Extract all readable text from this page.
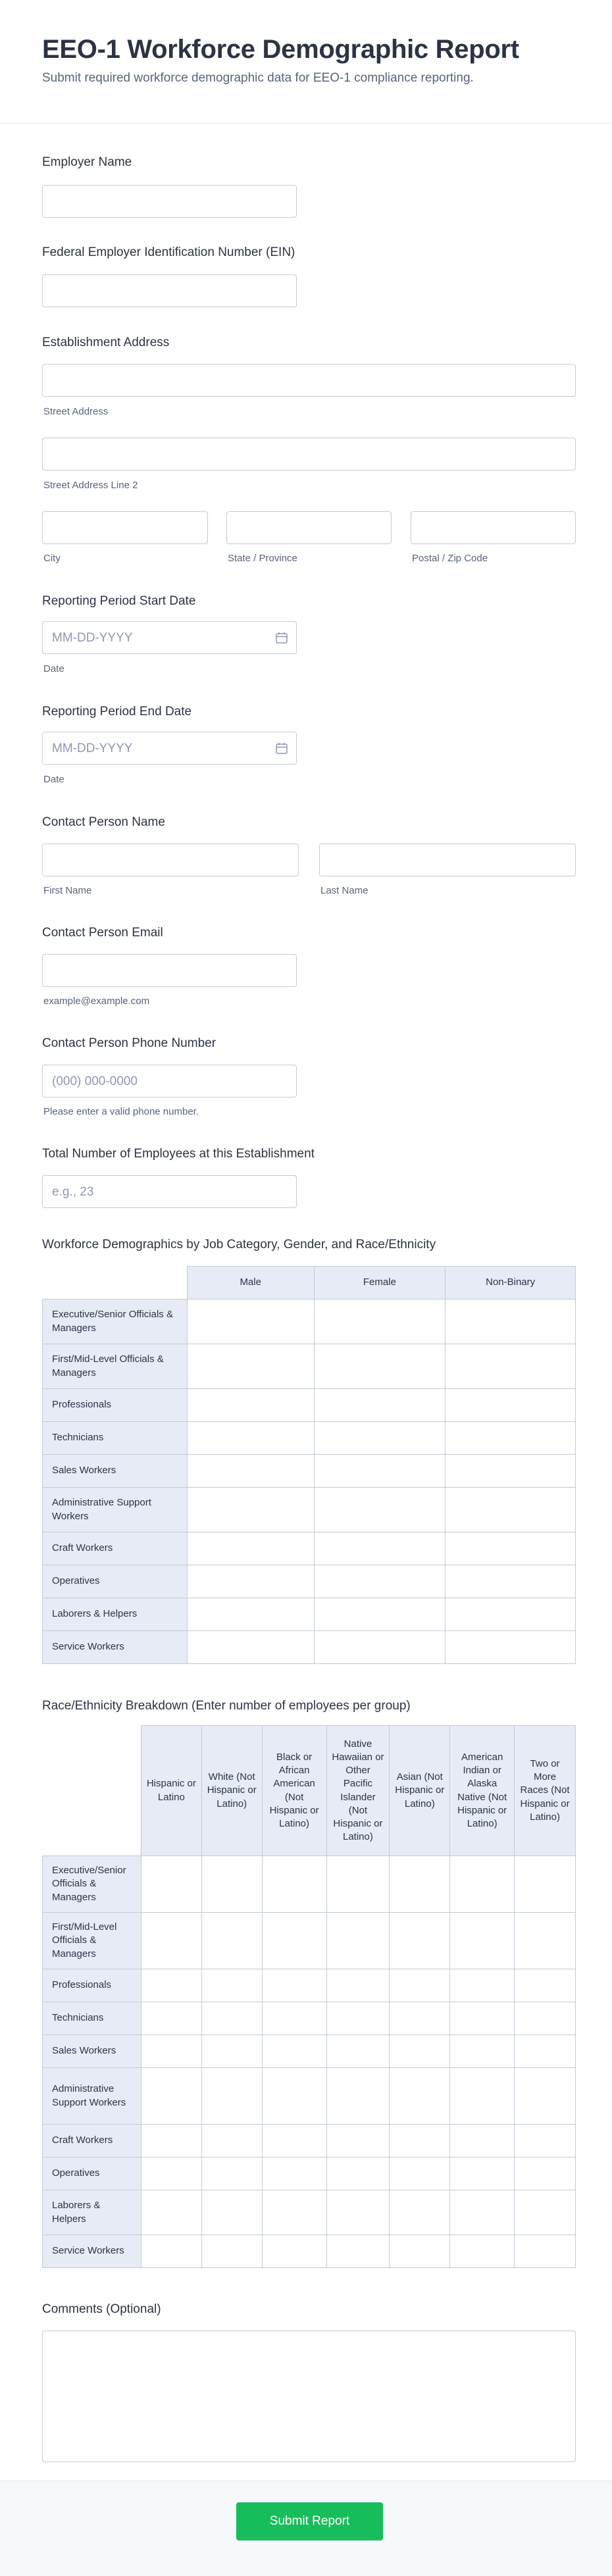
EEO-1 Workforce Demographic Report
Submit required workforce demographic data for EEO-1 compliance reporting.
Employer Name
Federal Employer Identification Number (EIN)
Establishment Address
Street Address
Street Address Line 2
City	State / Province	Postal / Zip Code
Reporting Period Start Date
MM-DD-YYYY
Date
Reporting Period End Date
MM-DD-YYYY
Date
Contact Person Name
First Name	Last Name
Contact Person Email
example@example.com
Contact Person Phone Number
(000) 000-0000
Please enter a valid phone number.
Total Number of Employees at this Establishment
e.g., 23
Workforce Demographics by Job Category, Gender, and Race/Ethnicity
	Male	Female	Non-Binary
Executive/Senior Officials & Managers			
First/Mid-Level Officials & Managers			
Professionals			
Technicians			
Sales Workers			
Administrative Support Workers			
Craft Workers			
Operatives			
Laborers & Helpers			
Service Workers			
Race/Ethnicity Breakdown (Enter number of employees per group)
	Hispanic or Latino	White (Not Hispanic or Latino)	Black or African American (Not Hispanic or Latino)	Native Hawaiian or Other Pacific Islander (Not Hispanic or Latino)	Asian (Not Hispanic or Latino)	American Indian or Alaska Native (Not Hispanic or Latino)	Two or More Races (Not Hispanic or Latino)
Executive/Senior Officials & Managers							
First/Mid-Level Officials & Managers							
Professionals							
Technicians							
Sales Workers							
Administrative Support Workers							
Craft Workers							
Operatives							
Laborers & Helpers							
Service Workers							
Comments (Optional)
Submit Report
